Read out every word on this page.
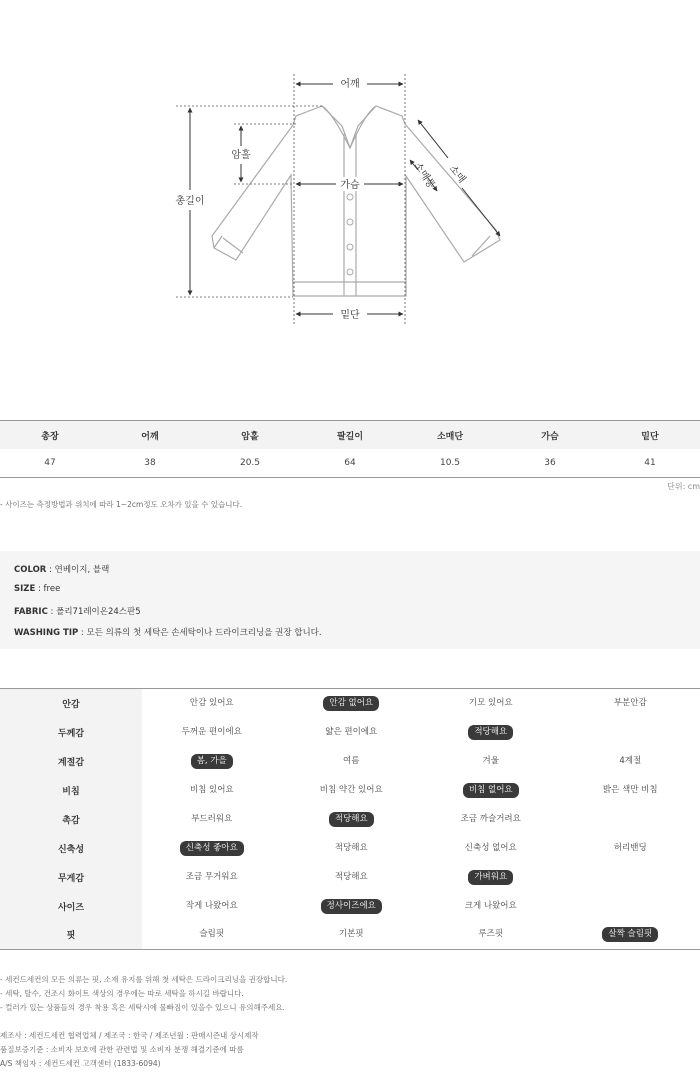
어깨
암홀
총길이
가슴
밑단
소매통 소매
총장	어깨	암홀	팔길이	소매단	가슴	밑단
47	38	20.5	64	10.5	36	41
단위: cm
- 사이즈는 측정방법과 위치에 따라 1~2cm정도 오차가 있을 수 있습니다.
COLOR : 연베이지, 블랙
SIZE : free
FABRIC : 폴리71레이온24스판5
WASHING TIP : 모든 의류의 첫 세탁은 손세탁이나 드라이크리닝을 권장 합니다.
안감	안감 있어요	안감 없어요	기모 있어요	부분안감
두께감	두꺼운 편이에요	얇은 편이에요	적당해요	
계절감	봄, 가을	여름	겨울	4계절
비침	비침 있어요	비침 약간 있어요	비침 없어요	밝은 색만 비침
촉감	부드러워요	적당해요	조금 까슬거려요	
신축성	신축성 좋아요	적당해요	신축성 없어요	허리밴딩
무게감	조금 무거워요	적당해요	가벼워요	
사이즈	작게 나왔어요	정사이즈에요	크게 나왔어요	
핏	슬림핏	기본핏	루즈핏	살짝 슬림핏
- 세컨드세컨의 모든 의류는 핏, 소재 유지를 위해 첫 세탁은 드라이크리닝을 권장합니다.
- 세탁, 탈수, 건조시 화이트 색상의 경우에는 따로 세탁을 하시길 바랍니다.
- 컬러가 있는 상품들의 경우 착용 혹은 세탁시에 물빠짐이 있을수 있으니 유의해주세요.
제조사 : 세컨드세컨 협력업체 / 제조국 : 한국 / 제조년월 : 판매시즌내 상시제작
품질보증기준 : 소비자 보호에 관한 관련법 및 소비자 분쟁 해결기준에 따름
A/S 책임자 : 세컨드세컨 고객센터 (1833-6094)
